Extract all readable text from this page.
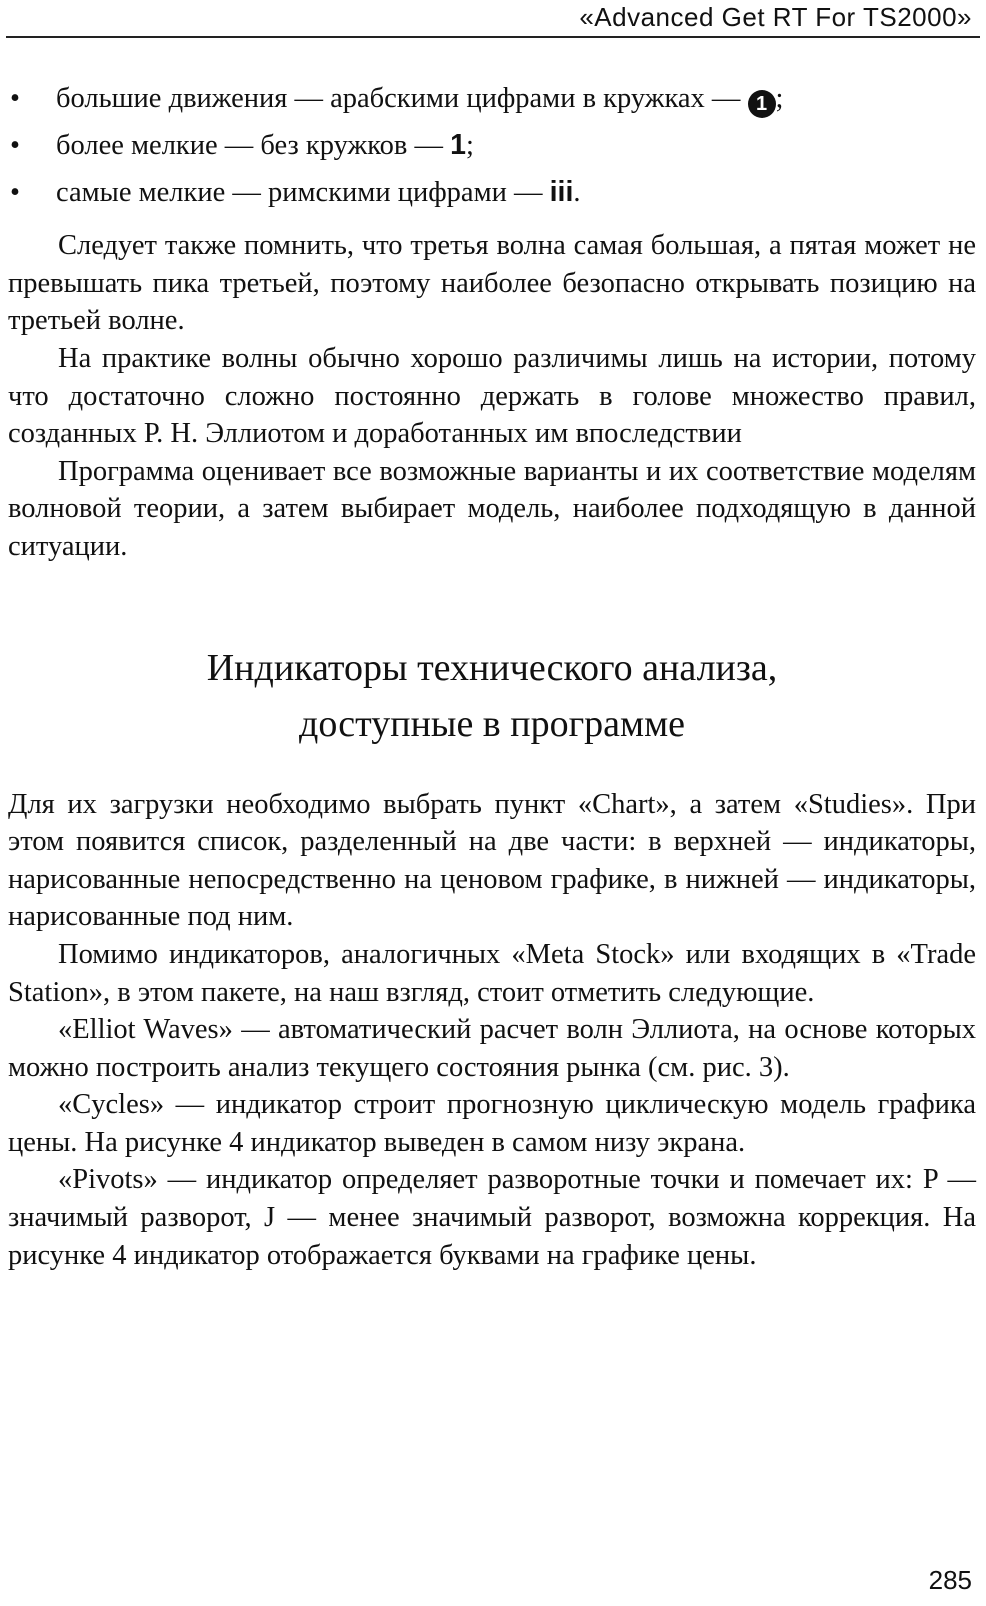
«Advanced Get RT For TS2000»
• большие движения — арабскими цифрами в кружках — 1 ;
• более мелкие — без кружков — 1;
• самые мелкие — римскими цифрами — iii.

Следует также помнить, что третья волна самая большая, а пятая может не превышать пика третьей, поэтому наиболее безопасно открывать позицию на третьей волне.

На практике волны обычно хорошо различимы лишь на истории, потому что достаточно сложно постоянно держать в голове множество правил, созданных Р. Н. Эллиотом и доработанных им впоследствии

Программа оценивает все возможные варианты и их соответствие моделям волновой теории, а затем выбирает модель, наиболее подходящую в данной ситуации.

Индикаторы технического анализа,
доступные в программе

Для их загрузки необходимо выбрать пункт «Chart», а затем «Studies». При этом появится список, разделенный на две части: в верхней — индикаторы, нарисованные непосредственно на ценовом графике, в нижней — индикаторы, нарисованные под ним.

Помимо индикаторов, аналогичных «Meta Stock» или входящих в «Trade Station», в этом пакете, на наш взгляд, стоит отметить следующие.

«Elliot Waves» — автоматический расчет волн Эллиота, на основе которых можно построить анализ текущего состояния рынка (см. рис. 3).

«Cycles» — индикатор строит прогнозную циклическую модель графика цены. На рисунке 4 индикатор выведен в самом низу экрана.

«Pivots» — индикатор определяет разворотные точки и помечает их: P — значимый разворот, J — менее значимый разворот, возможна коррекция. На рисунке 4 индикатор отображается буквами на графике цены.

285
